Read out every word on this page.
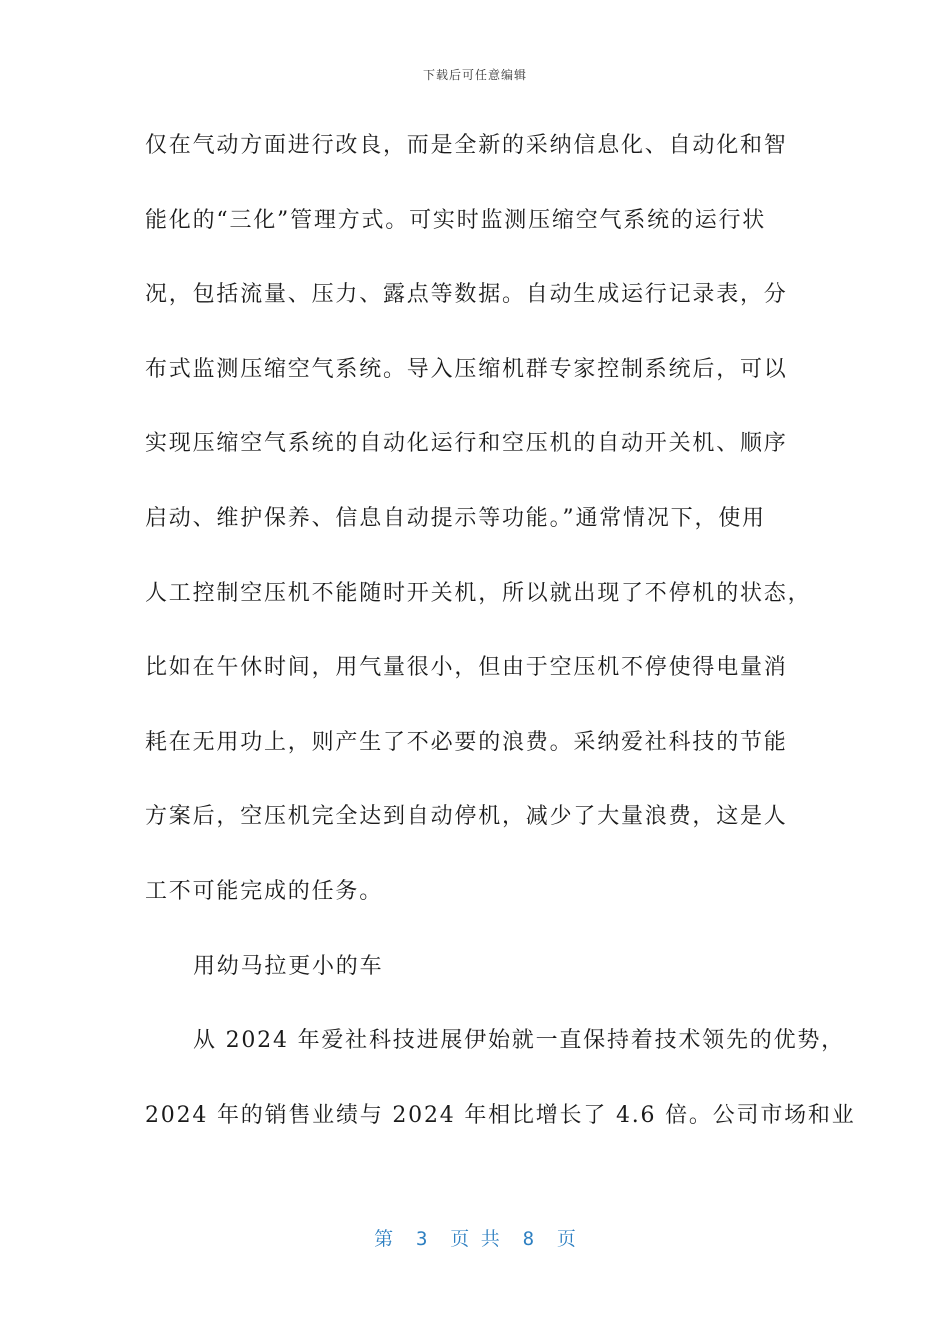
下载后可任意编辑
仅在气动方面进行改良，而是全新的采纳信息化、自动化和智
能化的“三化”管理方式。可实时监测压缩空气系统的运行状
况，包括流量、压力、露点等数据。自动生成运行记录表，分
布式监测压缩空气系统。导入压缩机群专家控制系统后，可以
实现压缩空气系统的自动化运行和空压机的自动开关机、顺序
启动、维护保养、信息自动提示等功能。”通常情况下，使用
人工控制空压机不能随时开关机，所以就出现了不停机的状态，
比如在午休时间，用气量很小，但由于空压机不停使得电量消
耗在无用功上，则产生了不必要的浪费。采纳爱社科技的节能
方案后，空压机完全达到自动停机，减少了大量浪费，这是人
工不可能完成的任务。
用幼马拉更小的车
从 2024 年爱社科技进展伊始就一直保持着技术领先的优势，
2024 年的销售业绩与 2024 年相比增长了 4.6 倍。公司市场和业
第  3  页 共  8  页
